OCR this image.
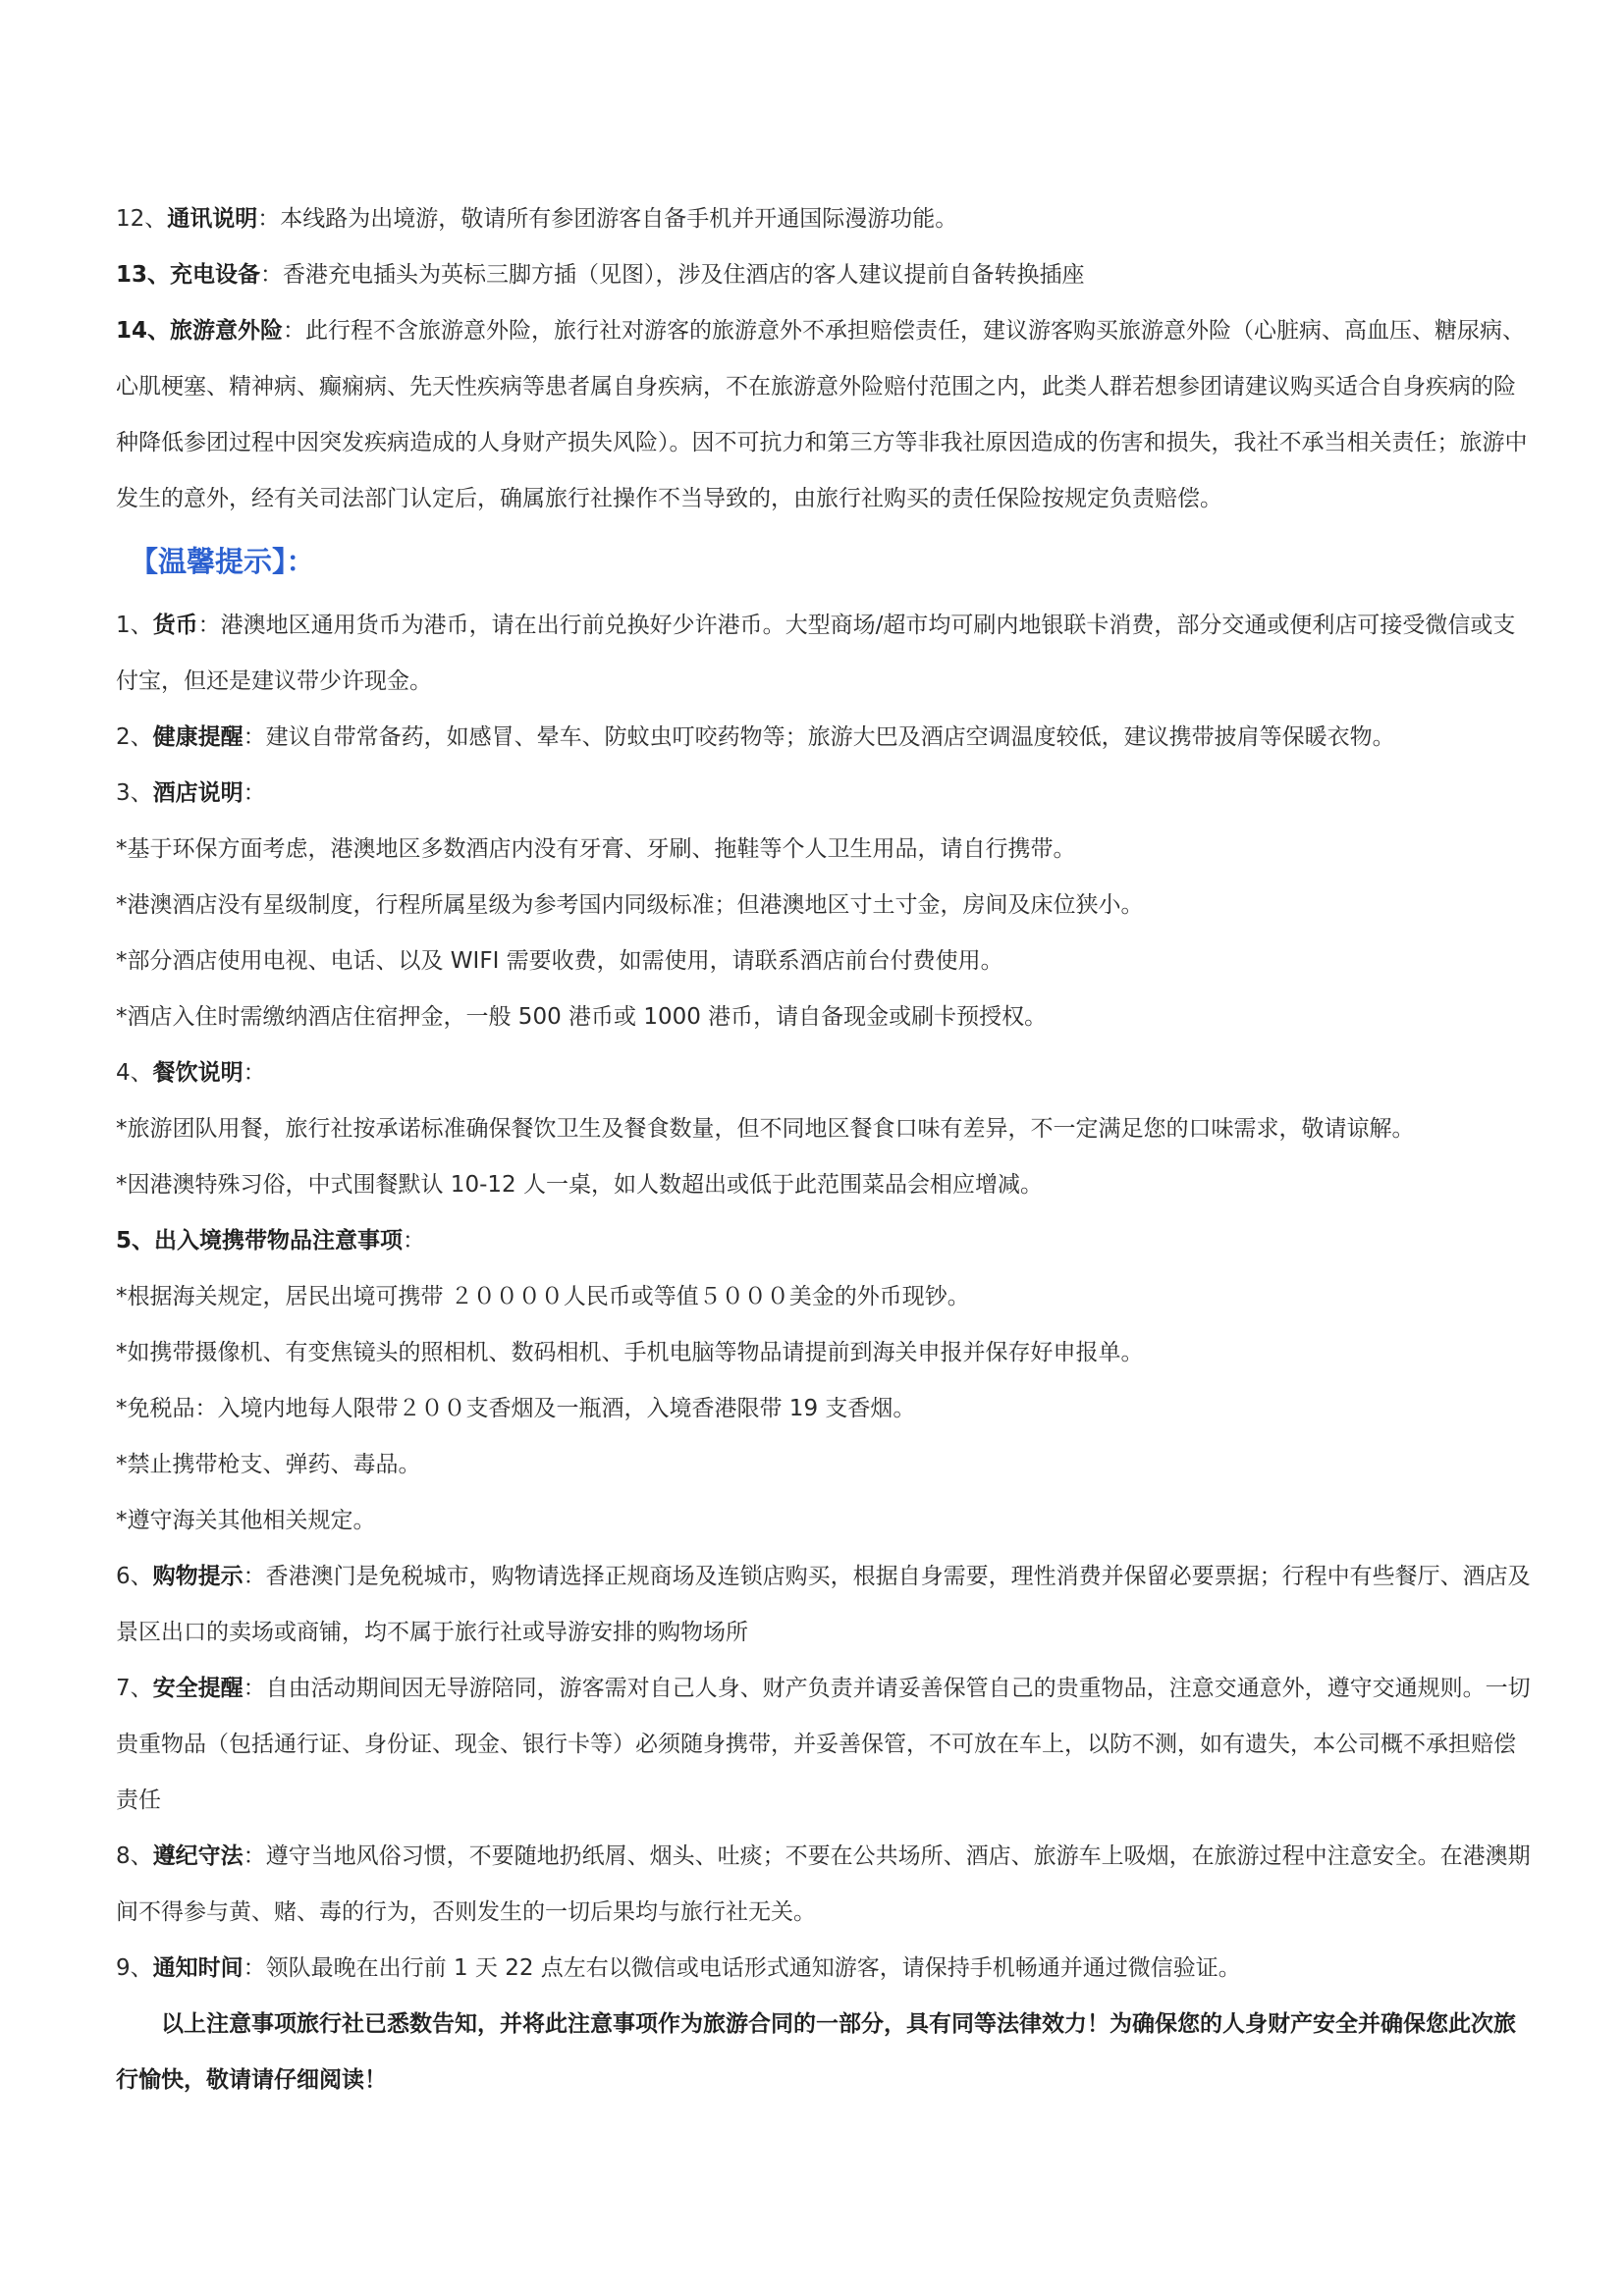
12、通讯说明：本线路为出境游，敬请所有参团游客自备手机并开通国际漫游功能。

13、充电设备：香港充电插头为英标三脚方插（见图），涉及住酒店的客人建议提前自备转换插座

14、旅游意外险：此行程不含旅游意外险，旅行社对游客的旅游意外不承担赔偿责任，建议游客购买旅游意外险（心脏病、高血压、糖尿病、心肌梗塞、精神病、癫痫病、先天性疾病等患者属自身疾病，不在旅游意外险赔付范围之内，此类人群若想参团请建议购买适合自身疾病的险种降低参团过程中因突发疾病造成的人身财产损失风险）。因不可抗力和第三方等非我社原因造成的伤害和损失，我社不承当相关责任；旅游中发生的意外，经有关司法部门认定后，确属旅行社操作不当导致的，由旅行社购买的责任保险按规定负责赔偿。

【温馨提示】：

1、货币：港澳地区通用货币为港币，请在出行前兑换好少许港币。大型商场/超市均可刷内地银联卡消费，部分交通或便利店可接受微信或支付宝，但还是建议带少许现金。

2、健康提醒：建议自带常备药，如感冒、晕车、防蚊虫叮咬药物等；旅游大巴及酒店空调温度较低，建议携带披肩等保暖衣物。

3、酒店说明：

*基于环保方面考虑，港澳地区多数酒店内没有牙膏、牙刷、拖鞋等个人卫生用品，请自行携带。

*港澳酒店没有星级制度，行程所属星级为参考国内同级标准；但港澳地区寸土寸金，房间及床位狭小。

*部分酒店使用电视、电话、以及 WIFI 需要收费，如需使用，请联系酒店前台付费使用。

*酒店入住时需缴纳酒店住宿押金，一般 500 港币或 1000 港币，请自备现金或刷卡预授权。

4、餐饮说明：

*旅游团队用餐，旅行社按承诺标准确保餐饮卫生及餐食数量，但不同地区餐食口味有差异，不一定满足您的口味需求，敬请谅解。

*因港澳特殊习俗，中式围餐默认 10-12 人一桌，如人数超出或低于此范围菜品会相应增减。

5、出入境携带物品注意事项：

*根据海关规定，居民出境可携带 ２００００人民币或等值５０００美金的外币现钞。

*如携带摄像机、有变焦镜头的照相机、数码相机、手机电脑等物品请提前到海关申报并保存好申报单。

*免税品：入境内地每人限带２００支香烟及一瓶酒，入境香港限带 19 支香烟。

*禁止携带枪支、弹药、毒品。

*遵守海关其他相关规定。

6、购物提示：香港澳门是免税城市，购物请选择正规商场及连锁店购买，根据自身需要，理性消费并保留必要票据；行程中有些餐厅、酒店及景区出口的卖场或商铺，均不属于旅行社或导游安排的购物场所

7、安全提醒：自由活动期间因无导游陪同，游客需对自己人身、财产负责并请妥善保管自己的贵重物品，注意交通意外，遵守交通规则。一切贵重物品（包括通行证、身份证、现金、银行卡等）必须随身携带，并妥善保管，不可放在车上，以防不测，如有遗失，本公司概不承担赔偿责任

8、遵纪守法：遵守当地风俗习惯，不要随地扔纸屑、烟头、吐痰；不要在公共场所、酒店、旅游车上吸烟，在旅游过程中注意安全。在港澳期间不得参与黄、赌、毒的行为，否则发生的一切后果均与旅行社无关。

9、通知时间：领队最晚在出行前 1 天 22 点左右以微信或电话形式通知游客，请保持手机畅通并通过微信验证。

以上注意事项旅行社已悉数告知，并将此注意事项作为旅游合同的一部分，具有同等法律效力！为确保您的人身财产安全并确保您此次旅行愉快，敬请请仔细阅读！
